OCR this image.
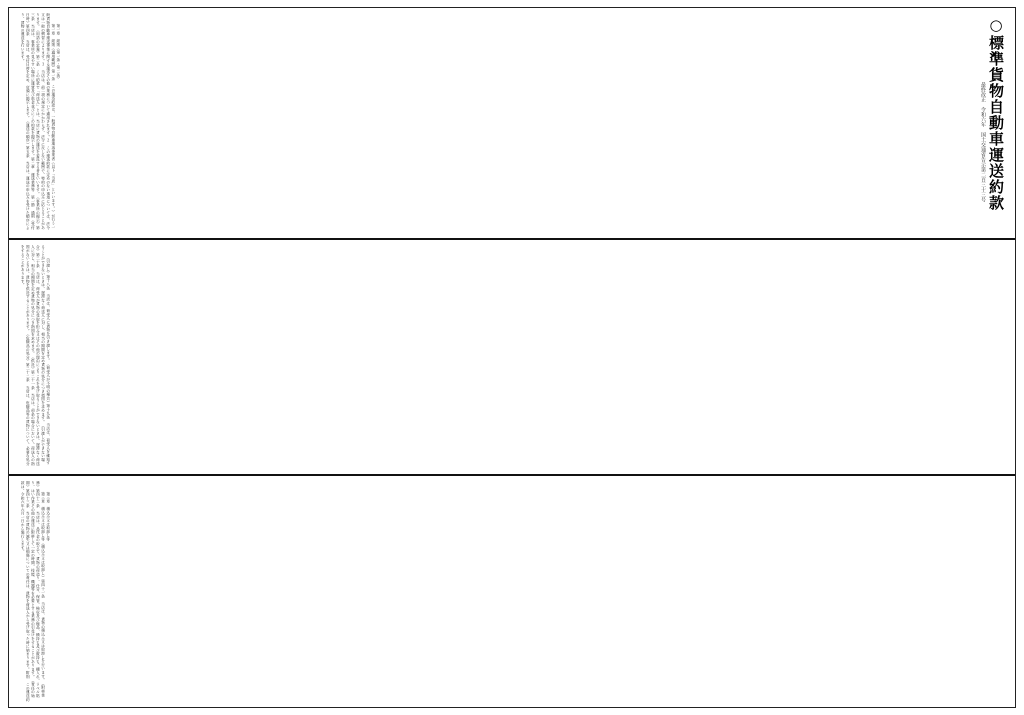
○標準貨物自動車運送約款
最終改正　令和六年　国土交通省告示第二百三十三号

第一章　総則（第一条・第二条）
第一章　総則（適用範囲）第一条　この運送約款は、一般貨物自動車運送事業者（以下「当店」といいます。）が行う一般貨物自動車運送事業に関する運送その他の業務について適用されます。２　この運送約款に定めのない事項については、法令又は一般の慣習によります。３　当店は、前二項の規定にかかわらず、法令に反しない範囲で、特約の申込みに応じることがあります。（用語の定義）第二条　この約款で「荷送人」とは、当店に貨物の運送を委託する者をいいます。（事業所の掲示）第三条　当店は、事業所の見やすい場所に運賃及び料金並びにこの約款を掲示します。第二章　運送業務等　第一節　通則（受付日時）第四条　当店は、受付日時を定め、店頭に掲示します。（運送の順序）第五条　当店は、運送の申込みを受けた順序により、貨物の運送を行います。

（引渡し）第十八条　当店は、荷受人に貨物を引き渡します。（荷受人が不明の場合）第十九条　当店は、荷受人を確知することができないときは、遅滞なく荷送人に対し、相当の期間を定め貨物の処分につき指図を求めます。（引渡しができない場合）第二十条　当店は、荷受人が貨物の受取を拒み又はその他の理由によりこれを受け取ることができないときは、遅滞なく荷送人に対し、相当の期間を定め貨物の処分につき指図を求めます。（供託）第二十一条　当店は、前条の場合において、荷送人の指図がないときは、貨物を供託することがあります。（危険品の処分）第二十二条　当店は、危険品等の貨物について、必要な処分をすることがあります。

第三章　積込み又は取卸し等
第三章　積込み又は取卸し等（積込み又は取卸し）第四十一条　当店は、貨物の積込み又は取卸しを行います。（附帯業務）第四十二条　当店は、品代金の取立て、貨物の荷造り、仕分、保管、検収及び検品、横持ち及び縦持ち、棚入れ、ラベル貼り、はい作業その他の運送に附帯して一定の時間、技能、機器等を必要とする業務の引受けをすることがあります。（責任の始期）第四十三条　当店の貨物の滅失又は損傷についての責任は、貨物を荷送人から受け取った時に始まります。附則　この運送約款は、令和六年六月一日から施行します。
